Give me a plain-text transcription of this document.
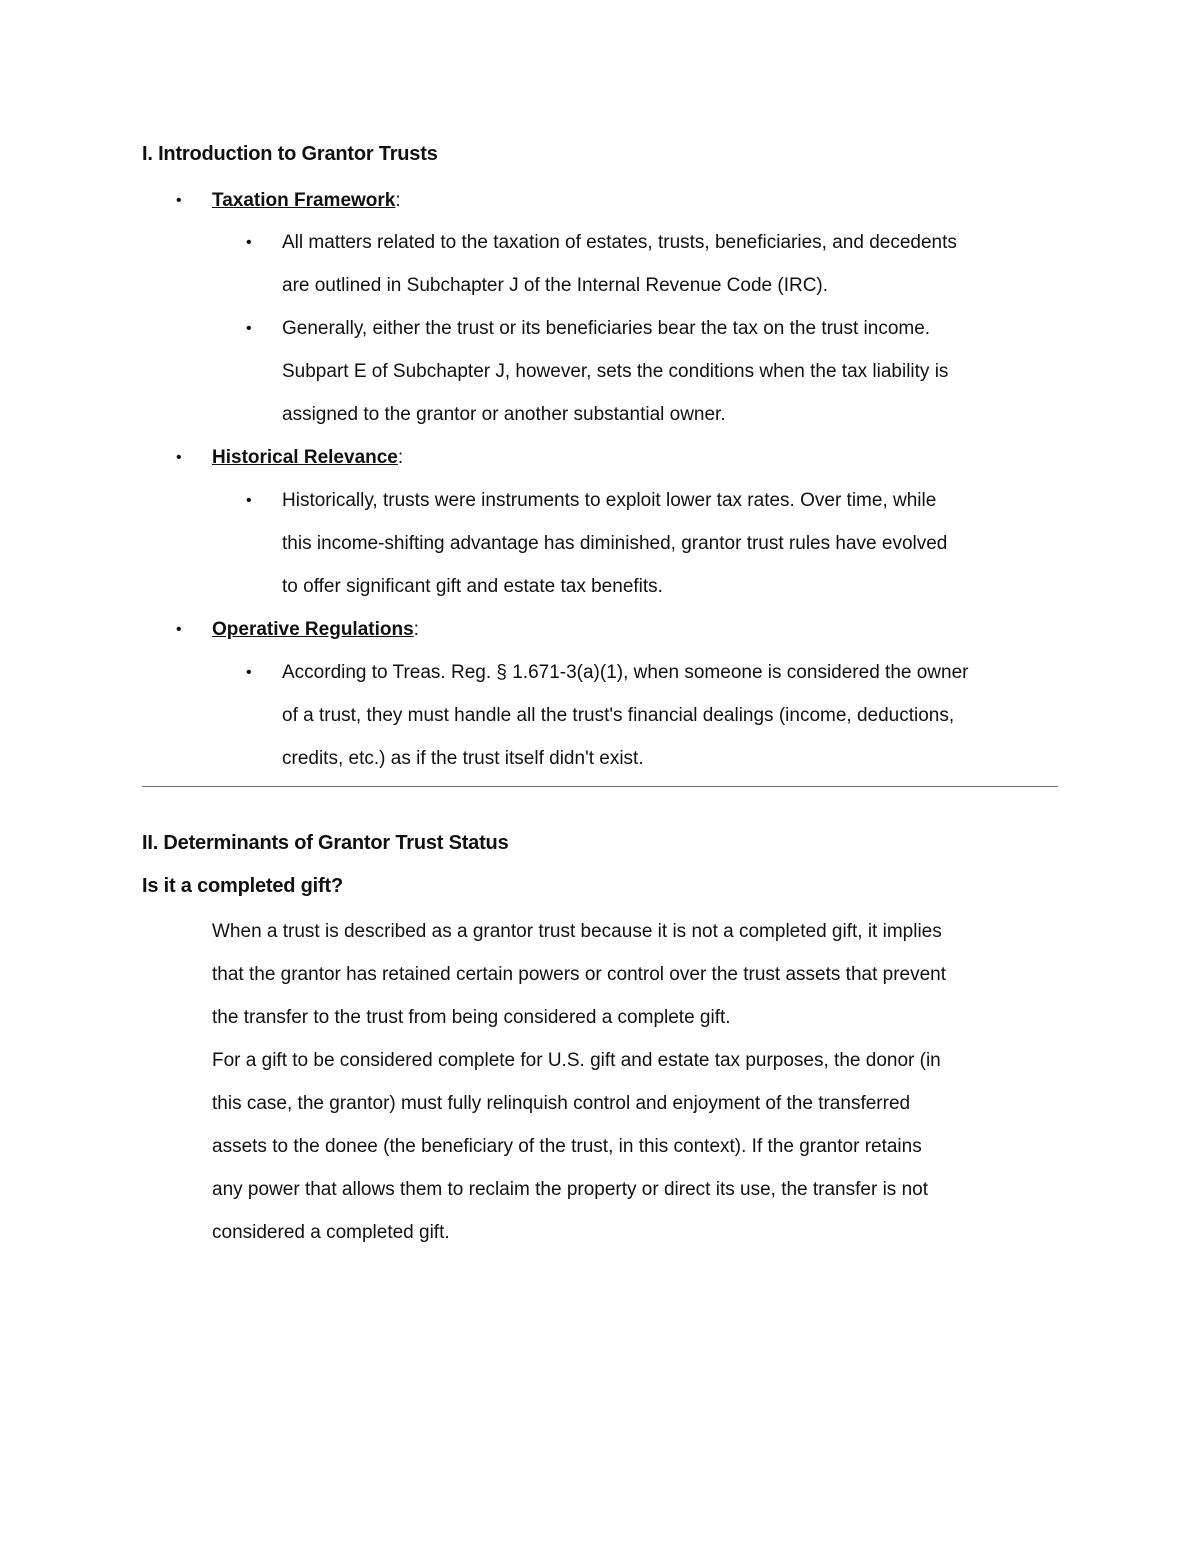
I. Introduction to Grantor Trusts
• Taxation Framework:
• All matters related to the taxation of estates, trusts, beneficiaries, and decedents
are outlined in Subchapter J of the Internal Revenue Code (IRC).
• Generally, either the trust or its beneficiaries bear the tax on the trust income.
Subpart E of Subchapter J, however, sets the conditions when the tax liability is
assigned to the grantor or another substantial owner.
• Historical Relevance:
• Historically, trusts were instruments to exploit lower tax rates. Over time, while
this income-shifting advantage has diminished, grantor trust rules have evolved
to offer significant gift and estate tax benefits.
• Operative Regulations:
• According to Treas. Reg. § 1.671-3(a)(1), when someone is considered the owner
of a trust, they must handle all the trust's financial dealings (income, deductions,
credits, etc.) as if the trust itself didn't exist.
II. Determinants of Grantor Trust Status
Is it a completed gift?
When a trust is described as a grantor trust because it is not a completed gift, it implies
that the grantor has retained certain powers or control over the trust assets that prevent
the transfer to the trust from being considered a complete gift.
For a gift to be considered complete for U.S. gift and estate tax purposes, the donor (in
this case, the grantor) must fully relinquish control and enjoyment of the transferred
assets to the donee (the beneficiary of the trust, in this context). If the grantor retains
any power that allows them to reclaim the property or direct its use, the transfer is not
considered a completed gift.
